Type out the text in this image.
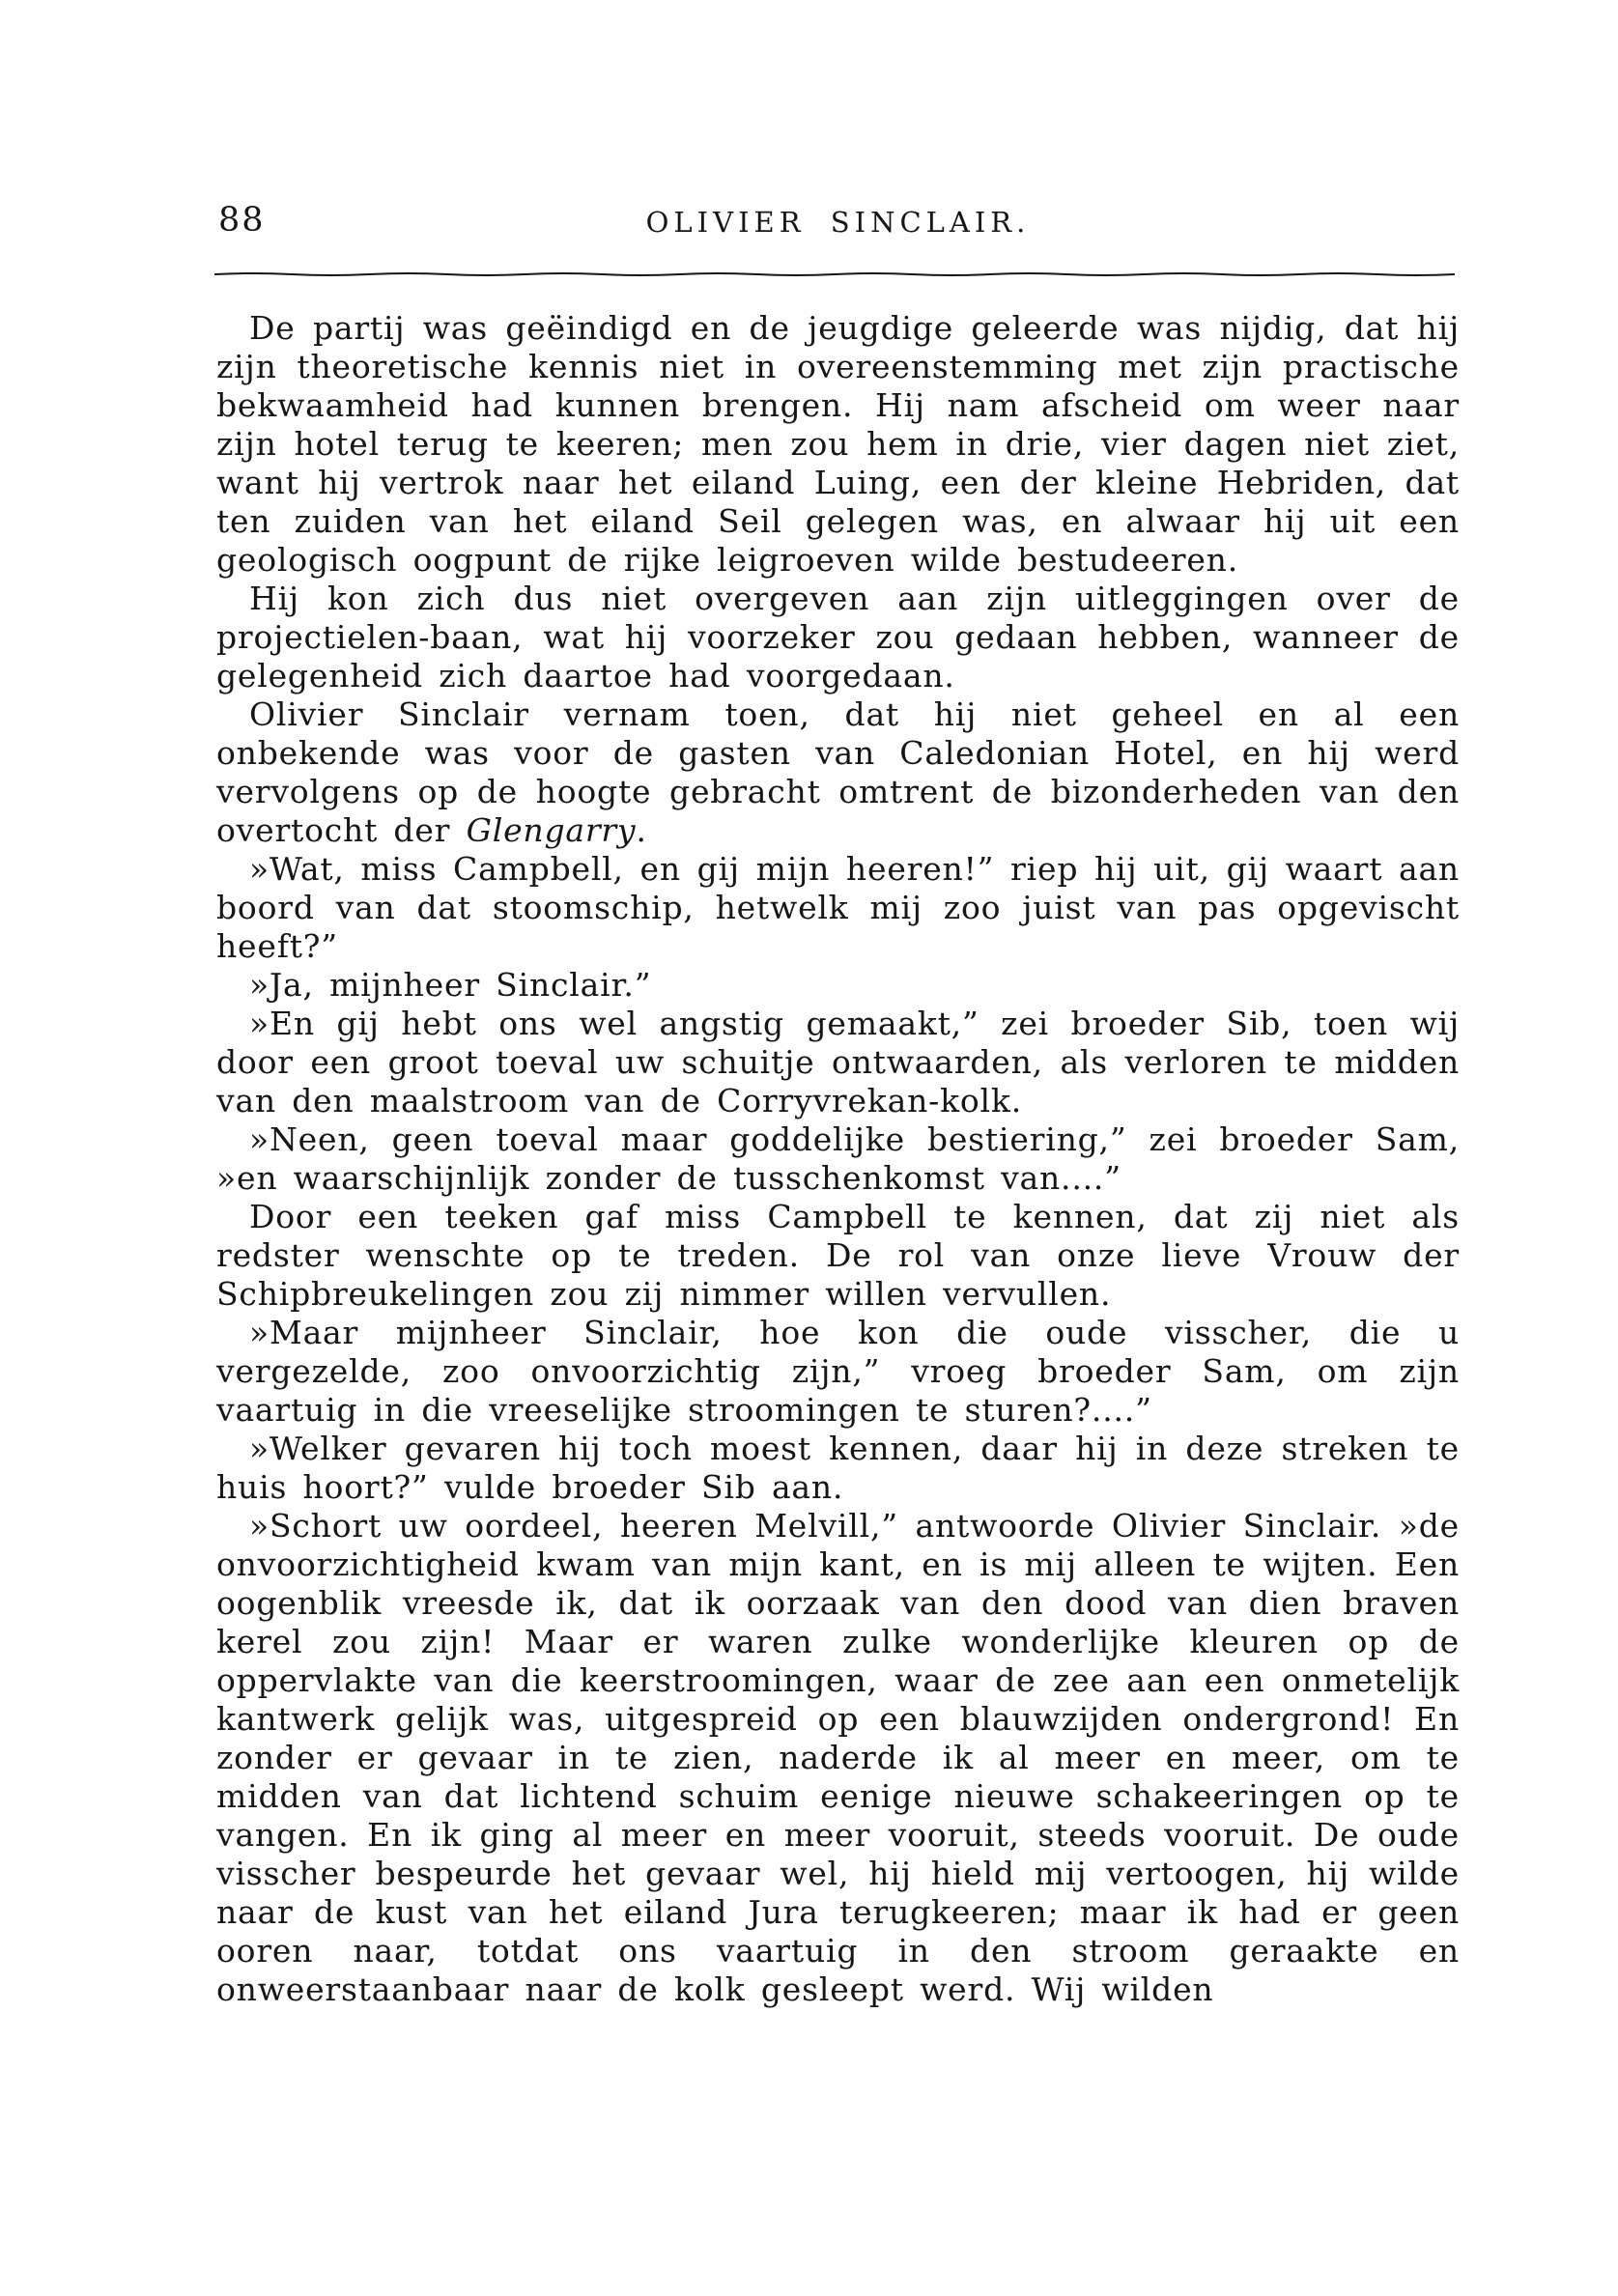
88	OLIVIER SINCLAIR.

De partij was geëindigd en de jeugdige geleerde was nijdig, dat hij zijn theoretische kennis niet in overeenstemming met zijn practische bekwaamheid had kunnen brengen. Hij nam afscheid om weer naar zijn hotel terug te keeren; men zou hem in drie, vier dagen niet ziet, want hij vertrok naar het eiland Luing, een der kleine Hebriden, dat ten zuiden van het eiland Seil gelegen was, en alwaar hij uit een geologisch oogpunt de rijke leigroeven wilde bestudeeren.

Hij kon zich dus niet overgeven aan zijn uitleggingen over de projectielen-baan, wat hij voorzeker zou gedaan hebben, wanneer de gelegenheid zich daartoe had voorgedaan.

Olivier Sinclair vernam toen, dat hij niet geheel en al een onbekende was voor de gasten van Caledonian Hotel, en hij werd vervolgens op de hoogte gebracht omtrent de bizonderheden van den overtocht der Glengarry.

»Wat, miss Campbell, en gij mijn heeren!” riep hij uit, gij waart aan boord van dat stoomschip, hetwelk mij zoo juist van pas opgevischt heeft?”

»Ja, mijnheer Sinclair.”

»En gij hebt ons wel angstig gemaakt,” zei broeder Sib, toen wij door een groot toeval uw schuitje ontwaarden, als verloren te midden van den maalstroom van de Corryvrekan-kolk.

»Neen, geen toeval maar goddelijke bestiering,” zei broeder Sam, »en waarschijnlijk zonder de tusschenkomst van....”

Door een teeken gaf miss Campbell te kennen, dat zij niet als redster wenschte op te treden. De rol van onze lieve Vrouw der Schipbreukelingen zou zij nimmer willen vervullen.

»Maar mijnheer Sinclair, hoe kon die oude visscher, die u vergezelde, zoo onvoorzichtig zijn,” vroeg broeder Sam, om zijn vaartuig in die vreeselijke stroomingen te sturen?....”

»Welker gevaren hij toch moest kennen, daar hij in deze streken te huis hoort?” vulde broeder Sib aan.

»Schort uw oordeel, heeren Melvill,” antwoorde Olivier Sinclair. »de onvoorzichtigheid kwam van mijn kant, en is mij alleen te wijten. Een oogenblik vreesde ik, dat ik oorzaak van den dood van dien braven kerel zou zijn! Maar er waren zulke wonderlijke kleuren op de oppervlakte van die keerstroomingen, waar de zee aan een onmetelijk kantwerk gelijk was, uitgespreid op een blauwzijden ondergrond! En zonder er gevaar in te zien, naderde ik al meer en meer, om te midden van dat lichtend schuim eenige nieuwe schakeeringen op te vangen. En ik ging al meer en meer vooruit, steeds vooruit. De oude visscher bespeurde het gevaar wel, hij hield mij vertoogen, hij wilde naar de kust van het eiland Jura terugkeeren; maar ik had er geen ooren naar, totdat ons vaartuig in den stroom geraakte en onweerstaanbaar naar de kolk gesleept werd. Wij wilden
